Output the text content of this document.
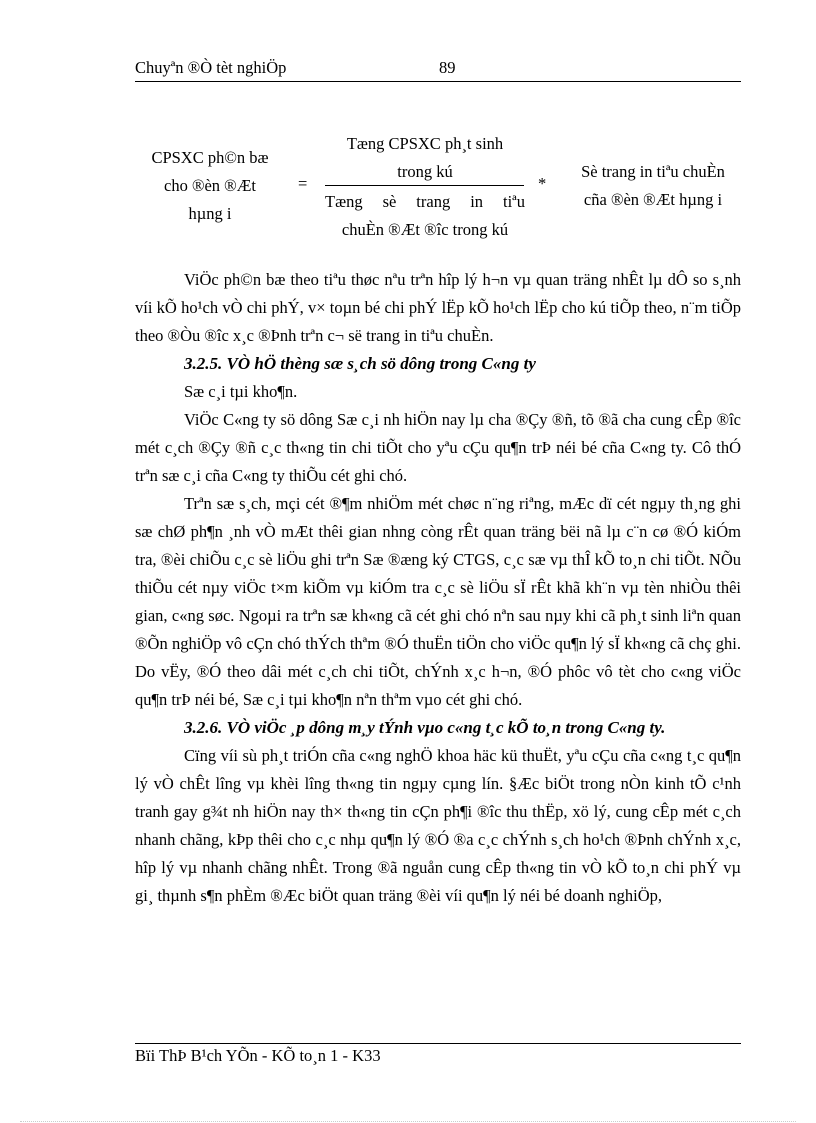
Chuyªn ®Ò tèt nghiÖp	89
CPSXC ph©n bæ
cho ®èn ®Æt
hµng i
=
Tæng CPSXC ph¸t sinh
trong kú
Tæng sè trang in tiªu
chuÈn ®Æt ®îc trong kú
*
Sè trang in tiªu chuÈn
cña ®èn ®Æt hµng i

ViÖc ph©n bæ theo tiªu thøc nªu trªn hîp lý h¬n vµ quan träng nhÊt lµ dÔ so s¸nh víi kÕ ho¹ch vÒ chi phÝ, v× toµn bé chi phÝ lËp kÕ ho¹ch lËp cho kú tiÕp theo, n¨m tiÕp theo ®Òu ®îc x¸c ®Þnh trªn c¬ së trang in tiªu chuÈn.

3.2.5. VÒ hÖ thèng sæ s¸ch sö dông trong C«ng ty

Sæ c¸i tµi kho¶n.

ViÖc C«ng ty sö dông Sæ c¸i nh hiÖn nay lµ cha ®Çy ®ñ, tõ ®ã cha cung cÊp ®îc mét c¸ch ®Çy ®ñ c¸c th«ng tin chi tiÕt cho yªu cÇu qu¶n trÞ néi bé cña C«ng ty. Cô thÓ trªn sæ c¸i cña C«ng ty thiÕu cét ghi chó.

Trªn sæ s¸ch, mçi cét ®¶m nhiÖm mét chøc n¨ng riªng, mÆc dï cét ngµy th¸ng ghi sæ chØ ph¶n ¸nh vÒ mÆt thêi gian nhng còng rÊt quan träng bëi nã lµ c¨n cø ®Ó kiÓm tra, ®èi chiÕu c¸c sè liÖu ghi trªn Sæ ®æng ký CTGS, c¸c sæ vµ thÎ kÕ to¸n chi tiÕt. NÕu thiÕu cét nµy viÖc t×m kiÕm vµ kiÓm tra c¸c sè liÖu sÏ rÊt khã kh¨n vµ tèn nhiÒu thêi gian, c«ng søc. Ngoµi ra trªn sæ kh«ng cã cét ghi chó nªn sau nµy khi cã ph¸t sinh liªn quan ®Õn nghiÖp vô cÇn chó thÝch thªm ®Ó thuËn tiÖn cho viÖc qu¶n lý sÏ kh«ng cã chç ghi. Do vËy, ®Ó theo dâi mét c¸ch chi tiÕt, chÝnh x¸c h¬n, ®Ó phôc vô tèt cho c«ng viÖc qu¶n trÞ néi bé, Sæ c¸i tµi kho¶n nªn thªm vµo cét ghi chó.

3.2.6. VÒ viÖc ¸p dông m¸y tÝnh vµo c«ng t¸c kÕ to¸n trong C«ng ty.

Cïng víi sù ph¸t triÓn cña c«ng nghÖ khoa häc kü thuËt, yªu cÇu cña c«ng t¸c qu¶n lý vÒ chÊt lîng vµ khèi lîng th«ng tin ngµy cµng lín. §Æc biÖt trong nÒn kinh tÕ c¹nh tranh gay g¾t nh hiÖn nay th× th«ng tin cÇn ph¶i ®îc thu thËp, xö lý, cung cÊp mét c¸ch nhanh chãng, kÞp thêi cho c¸c nhµ qu¶n lý ®Ó ®a c¸c chÝnh s¸ch ho¹ch ®Þnh chÝnh x¸c, hîp lý vµ nhanh chãng nhÊt. Trong ®ã nguån cung cÊp th«ng tin vÒ kÕ to¸n chi phÝ vµ gi¸ thµnh s¶n phÈm ®Æc biÖt quan träng ®èi víi qu¶n lý néi bé doanh nghiÖp,

Bïi ThÞ B¹ch YÕn - KÕ to¸n 1 - K33
